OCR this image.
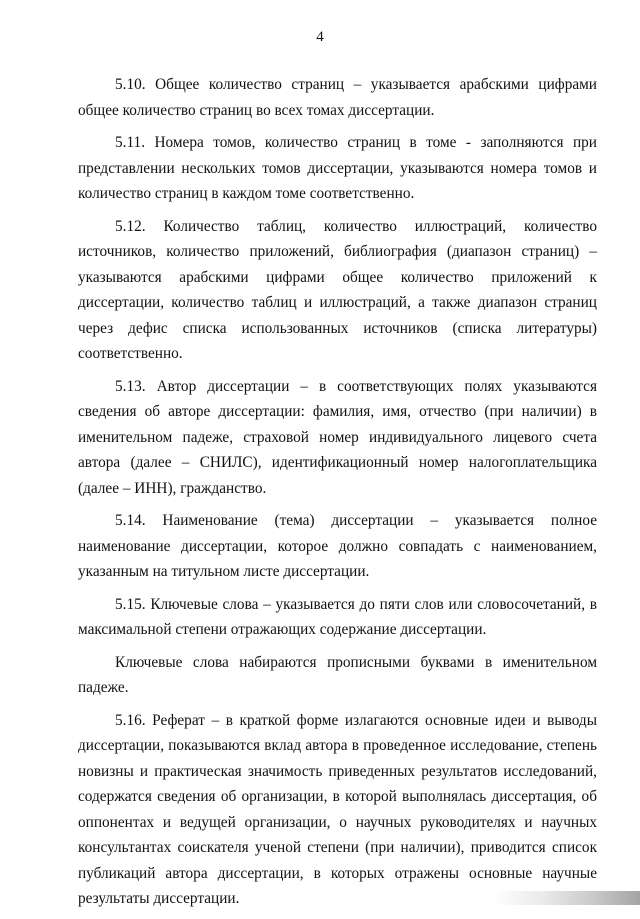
4

5.10. Общее количество страниц – указывается арабскими цифрами общее количество страниц во всех томах диссертации.

5.11. Номера томов, количество страниц в томе - заполняются при представлении нескольких томов диссертации, указываются номера томов и количество страниц в каждом томе соответственно.

5.12. Количество таблиц, количество иллюстраций, количество источников, количество приложений, библиография (диапазон страниц) – указываются арабскими цифрами общее количество приложений к диссертации, количество таблиц и иллюстраций, а также диапазон страниц через дефис списка использованных источников (списка литературы) соответственно.

5.13. Автор диссертации – в соответствующих полях указываются сведения об авторе диссертации: фамилия, имя, отчество (при наличии) в именительном падеже, страховой номер индивидуального лицевого счета автора (далее – СНИЛС), идентификационный номер налогоплательщика (далее – ИНН), гражданство.

5.14. Наименование (тема) диссертации – указывается полное наименование диссертации, которое должно совпадать с наименованием, указанным на титульном листе диссертации.

5.15. Ключевые слова – указывается до пяти слов или словосочетаний, в максимальной степени отражающих содержание диссертации.

Ключевые слова набираются прописными буквами в именительном падеже.

5.16. Реферат – в краткой форме излагаются основные идеи и выводы диссертации, показываются вклад автора в проведенное исследование, степень новизны и практическая значимость приведенных результатов исследований, содержатся сведения об организации, в которой выполнялась диссертация, об оппонентах и ведущей организации, о научных руководителях и научных консультантах соискателя ученой степени (при наличии), приводится список публикаций автора диссертации, в которых отражены основные научные результаты диссертации.
